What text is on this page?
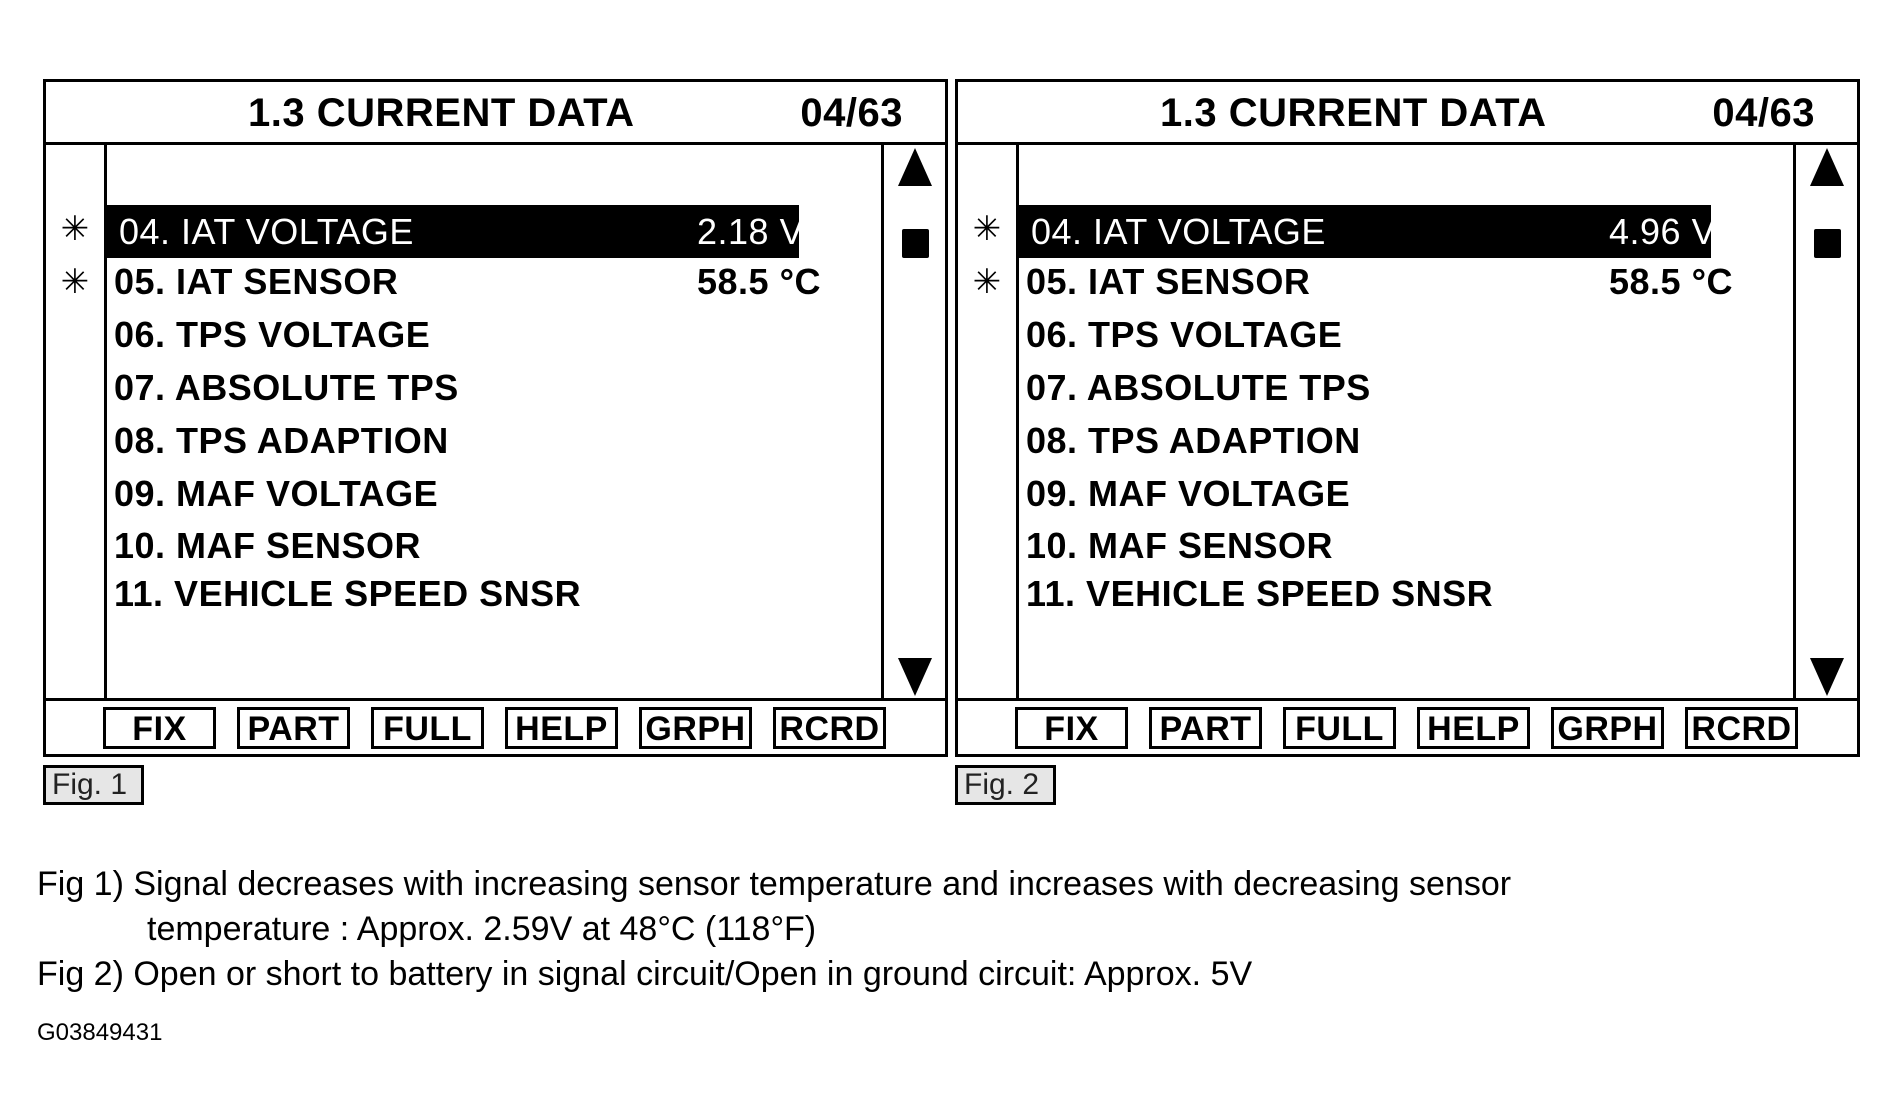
1.3 CURRENT DATA	04/63
✳
✳
04. IAT VOLTAGE	2.18 V
05. IAT SENSOR	58.5 °C
06. TPS VOLTAGE
07. ABSOLUTE TPS
08. TPS ADAPTION
09. MAF VOLTAGE
10. MAF SENSOR
11. VEHICLE SPEED SNSR
FIX	PART	FULL	HELP GRPH RCRD
Fig. 1
1.3 CURRENT DATA	04/63
✳
✳
04. IAT VOLTAGE	4.96 V
05. IAT SENSOR	58.5 °C
06. TPS VOLTAGE
07. ABSOLUTE TPS
08. TPS ADAPTION
09. MAF VOLTAGE
10. MAF SENSOR
11. VEHICLE SPEED SNSR
FIX	PART	FULL	HELP GRPH RCRD
Fig. 2
Fig 1) Signal decreases with increasing sensor temperature and increases with decreasing sensor
temperature : Approx. 2.59V at 48°C (118°F)
Fig 2) Open or short to battery in signal circuit/Open in ground circuit: Approx. 5V
G03849431
